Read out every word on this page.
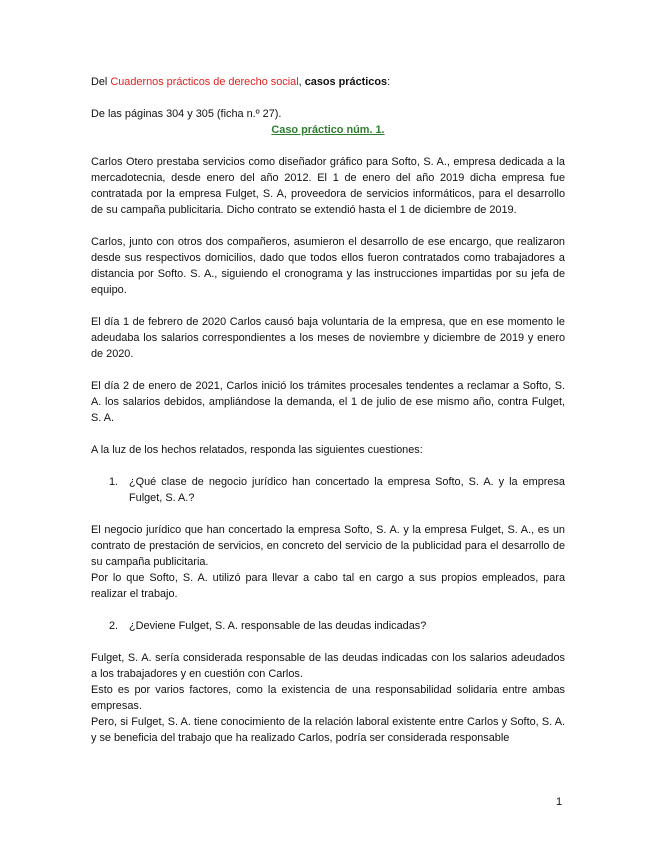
Del Cuadernos prácticos de derecho social, casos prácticos:

De las páginas 304 y 305 (ficha n.º 27).

Caso práctico núm. 1.

Carlos Otero prestaba servicios como diseñador gráfico para Softo, S. A., empresa dedicada a la mercadotecnia, desde enero del año 2012. El 1 de enero del año 2019 dicha empresa fue contratada por la empresa Fulget, S. A, proveedora de servicios informáticos, para el desarrollo de su campaña publicitaria. Dicho contrato se extendió hasta el 1 de diciembre de 2019.

Carlos, junto con otros dos compañeros, asumieron el desarrollo de ese encargo, que realizaron desde sus respectivos domicilios, dado que todos ellos fueron contratados como trabajadores a distancia por Softo. S. A., siguiendo el cronograma y las instrucciones impartidas por su jefa de equipo.

El día 1 de febrero de 2020 Carlos causó baja voluntaria de la empresa, que en ese momento le adeudaba los salarios correspondientes a los meses de noviembre y diciembre de 2019 y enero de 2020.

El día 2 de enero de 2021, Carlos inició los trámites procesales tendentes a reclamar a Softo, S. A. los salarios debidos, ampliándose la demanda, el 1 de julio de ese mismo año, contra Fulget, S. A.

A la luz de los hechos relatados, responda las siguientes cuestiones:

1.	¿Qué clase de negocio jurídico han concertado la empresa Softo, S. A. y la empresa Fulget, S. A.?

El negocio jurídico que han concertado la empresa Softo, S. A. y la empresa Fulget, S. A., es un contrato de prestación de servicios, en concreto del servicio de la publicidad para el desarrollo de su campaña publicitaria.

Por lo que Softo, S. A. utilizó para llevar a cabo tal en cargo a sus propios empleados, para realizar el trabajo.

2.	¿Deviene Fulget, S. A. responsable de las deudas indicadas?

Fulget, S. A. sería considerada responsable de las deudas indicadas con los salarios adeudados a los trabajadores y en cuestión con Carlos.

Esto es por varios factores, como la existencia de una responsabilidad solidaria entre ambas empresas.

Pero, si Fulget, S. A. tiene conocimiento de la relación laboral existente entre Carlos y Softo, S. A. y se beneficia del trabajo que ha realizado Carlos, podría ser considerada responsable

1
